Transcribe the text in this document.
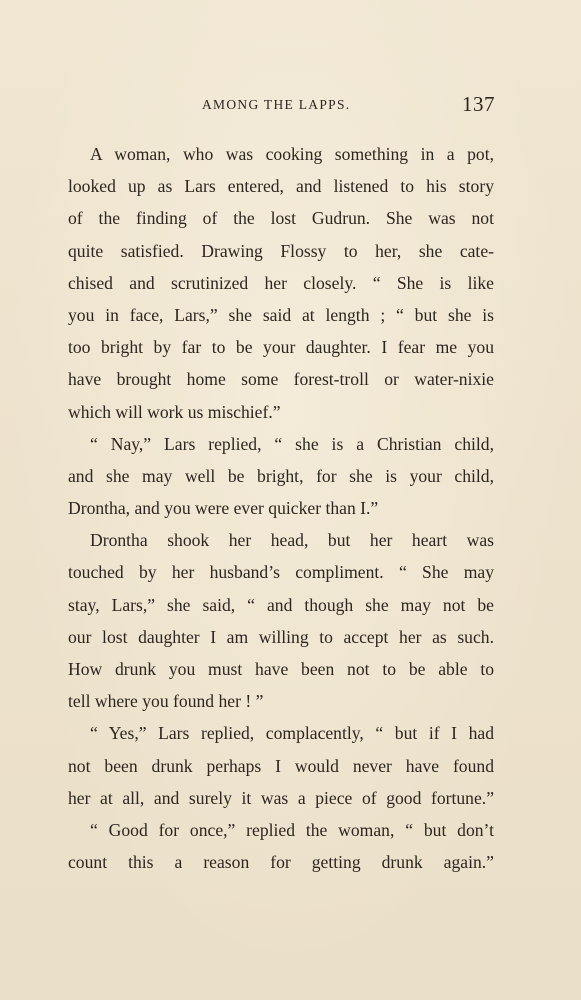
AMONG THE LAPPS.	137
A woman, who was cooking something in a pot,
looked up as Lars entered, and listened to his story
of the finding of the lost Gudrun. She was not
quite satisfied. Drawing Flossy to her, she cate-
chised and scrutinized her closely. “ She is like
you in face, Lars,” she said at length ; “ but she is
too bright by far to be your daughter. I fear me you
have brought home some forest-troll or water-nixie
which will work us mischief.”
“ Nay,” Lars replied, “ she is a Christian child,
and she may well be bright, for she is your child,
Drontha, and you were ever quicker than I.”
Drontha shook her head, but her heart was
touched by her husband’s compliment. “ She may
stay, Lars,” she said, “ and though she may not be
our lost daughter I am willing to accept her as such.
How drunk you must have been not to be able to
tell where you found her ! ”
“ Yes,” Lars replied, complacently, “ but if I had
not been drunk perhaps I would never have found
her at all, and surely it was a piece of good fortune.”
“ Good for once,” replied the woman, “ but don’t
count this a reason for getting drunk again.”
